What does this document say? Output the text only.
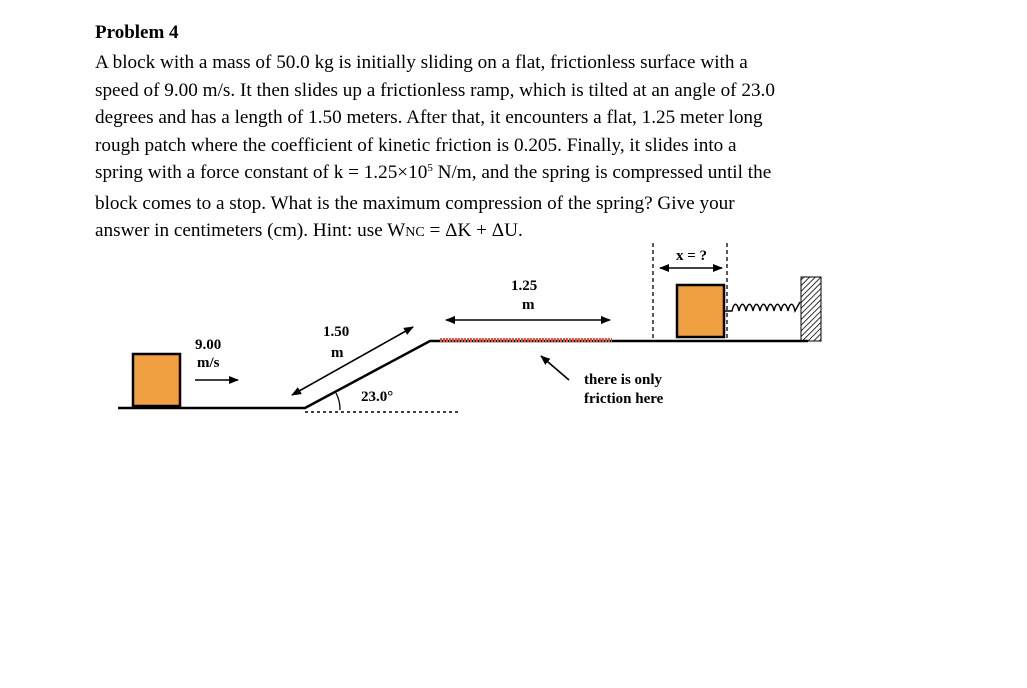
Problem 4
A block with a mass of 50.0 kg is initially sliding on a flat, frictionless surface with a
speed of 9.00 m/s. It then slides up a frictionless ramp, which is tilted at an angle of 23.0
degrees and has a length of 1.50 meters. After that, it encounters a flat, 1.25 meter long
rough patch where the coefficient of kinetic friction is 0.205. Finally, it slides into a
spring with a force constant of $k = 1.25\times 10^5$ N/m, and the spring is compressed until the
block comes to a stop. What is the maximum compression of the spring? Give your
answer in centimeters (cm). Hint: use WNC = ΔK + ΔU.
9.00
m/s
1.50
m
23.0°
1.25
m
there is only
friction here
x = ?
